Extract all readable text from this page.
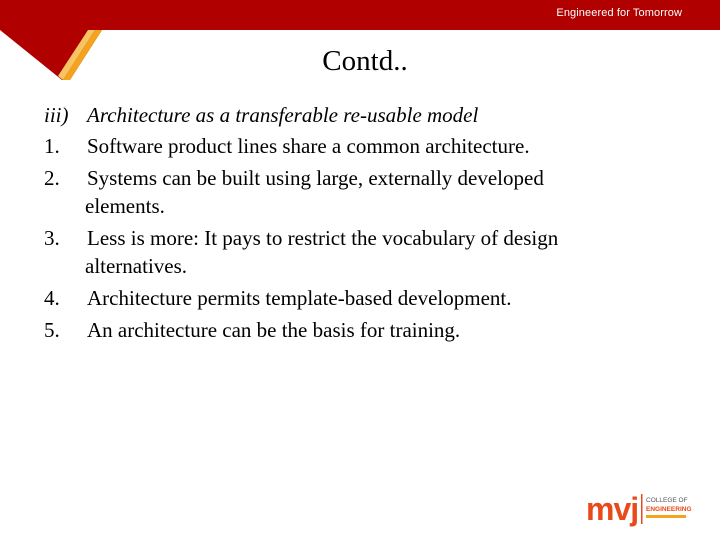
Engineered for Tomorrow
Contd..
iii) Architecture as a transferable re-usable model
1.	Software product lines share a common architecture.
2.	Systems can be built using large, externally developed
elements.
3.	Less is more: It pays to restrict the vocabulary of design
alternatives.
4.	Architecture permits template-based development.
5.	An architecture can be the basis for training.
mvj COLLEGE OF
ENGINEERING
